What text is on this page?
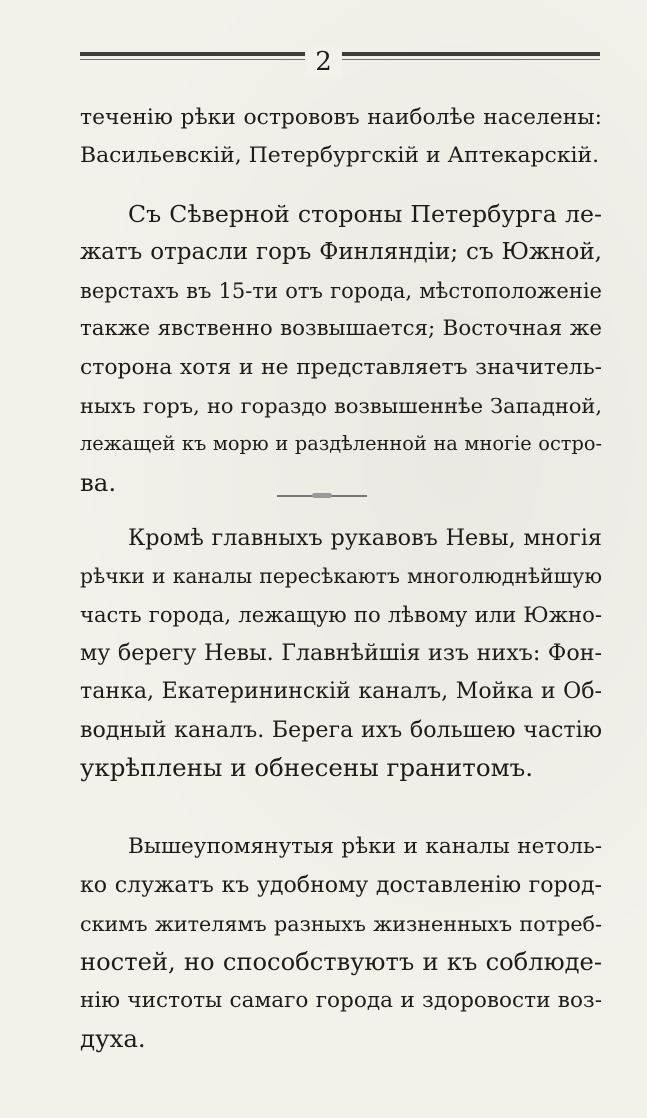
2
теченію рѣки острововъ наиболѣе населены:
Васильевскій, Петербургскій и Аптекарскій.
Съ Сѣверной стороны Петербурга ле-
жатъ отрасли горъ Финляндіи; съ Южной,
верстахъ въ 15-ти отъ города, мѣстоположеніе
также явственно возвышается; Восточная же
сторона хотя и не представляетъ значитель-
ныхъ горъ, но гораздо возвышеннѣе Западной,
лежащей къ морю и раздѣленной на многіе остро-
ва.
Кромѣ главныхъ рукавовъ Невы, многія
рѣчки и каналы пересѣкаютъ многолюднѣйшую
часть города, лежащую по лѣвому или Южно-
му берегу Невы. Главнѣйшія изъ нихъ: Фон-
танка, Екатерининскій каналъ, Мойка и Об-
водный каналъ. Берега ихъ большею частію
укрѣплены и обнесены гранитомъ.
Вышеупомянутыя рѣки и каналы нетоль-
ко служатъ къ удобному доставленію город-
скимъ жителямъ разныхъ жизненныхъ потреб-
ностей, но способствуютъ и къ соблюде-
нію чистоты самаго города и здоровости воз-
духа.
